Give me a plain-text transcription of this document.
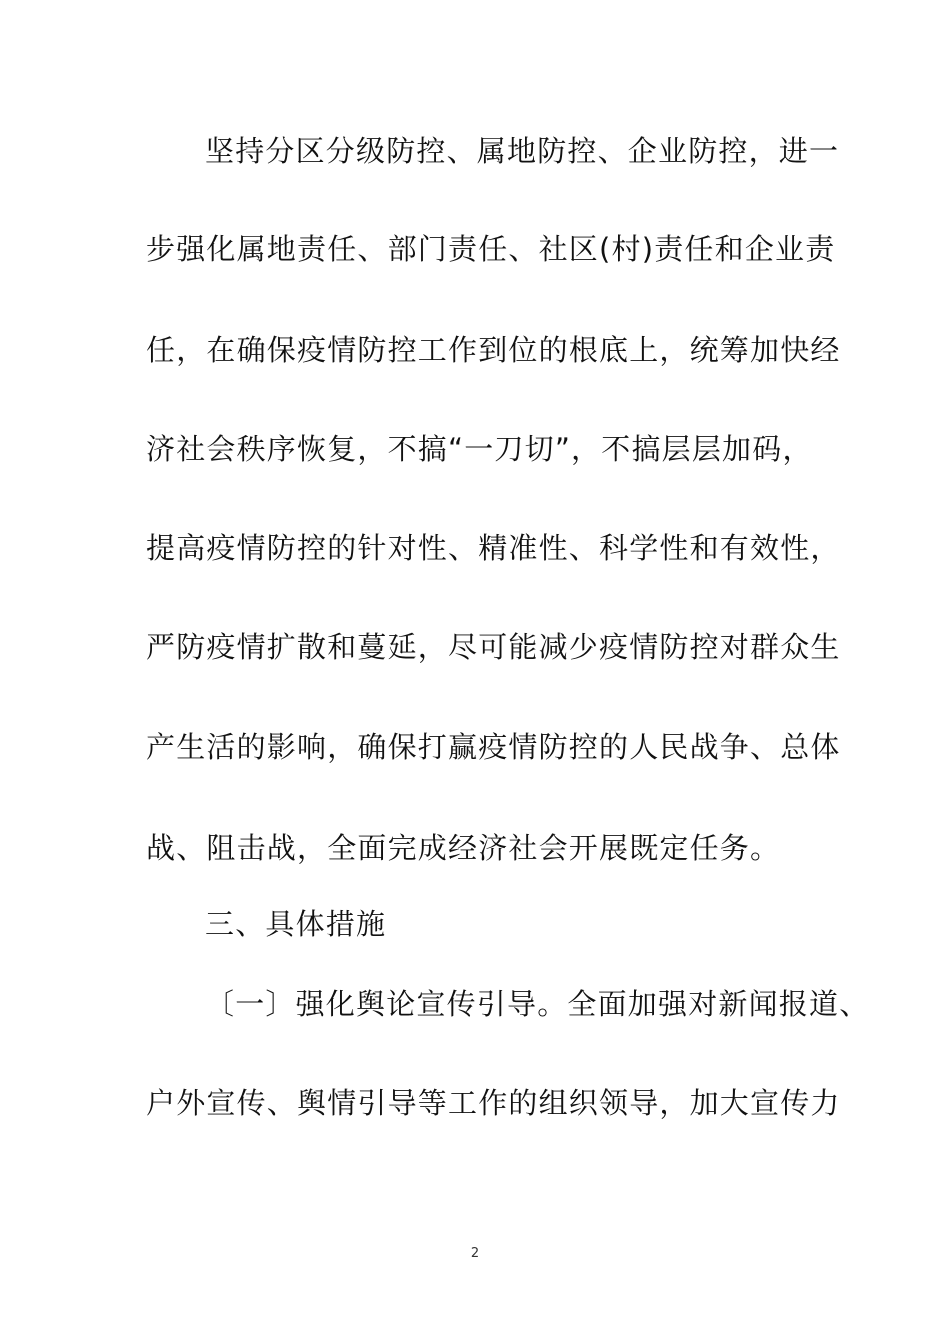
坚持分区分级防控、属地防控、企业防控，进一
步强化属地责任、部门责任、社区(村)责任和企业责
任，在确保疫情防控工作到位的根底上，统筹加快经
济社会秩序恢复，不搞“一刀切”，不搞层层加码，
提高疫情防控的针对性、精准性、科学性和有效性，
严防疫情扩散和蔓延，尽可能减少疫情防控对群众生
产生活的影响，确保打赢疫情防控的人民战争、总体
战、阻击战，全面完成经济社会开展既定任务。
三、具体措施
〔一〕强化舆论宣传引导。全面加强对新闻报道、
户外宣传、舆情引导等工作的组织领导，加大宣传力
2
